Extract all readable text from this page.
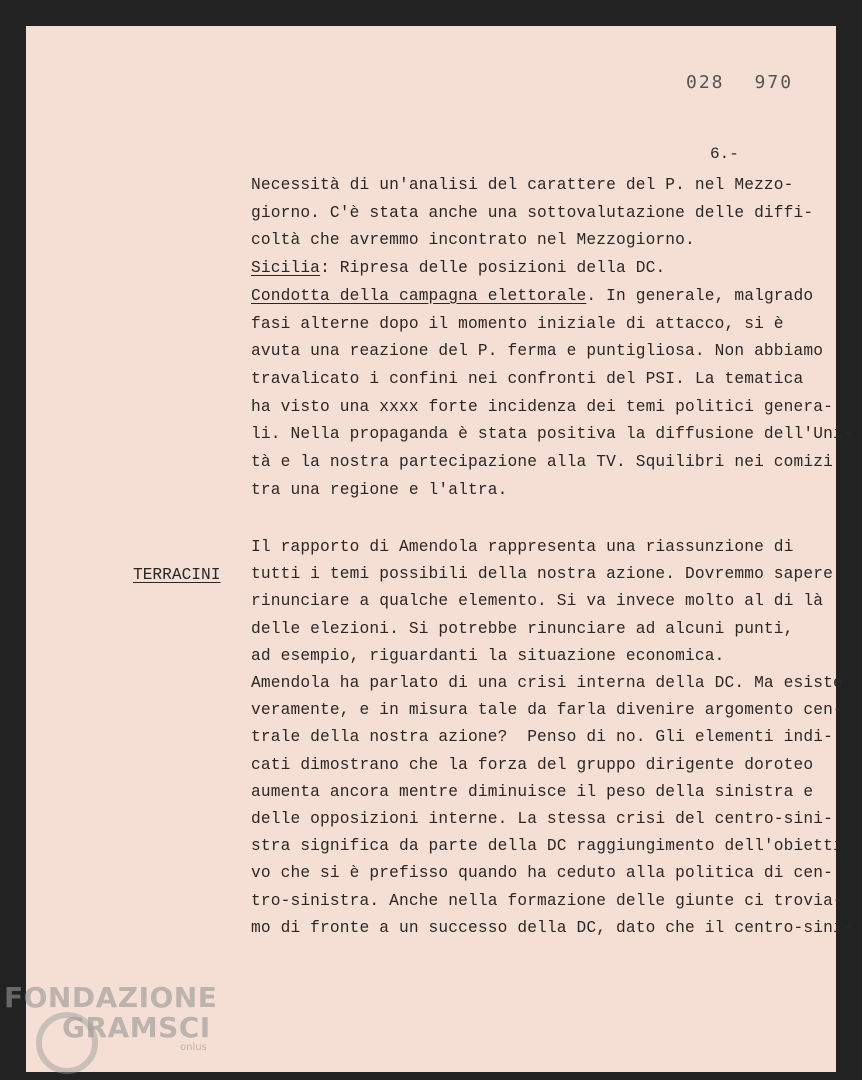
028 970
6.-
Necessità di un'analisi del carattere del P. nel Mezzo-
giorno. C'è stata anche una sottovalutazione delle diffi-
coltà che avremmo incontrato nel Mezzogiorno.
Sicilia: Ripresa delle posizioni della DC.
Condotta della campagna elettorale. In generale, malgrado
fasi alterne dopo il momento iniziale di attacco, si è
avuta una reazione del P. ferma e puntigliosa. Non abbiamo
travalicato i confini nei confronti del PSI. La tematica
ha visto una xxxx forte incidenza dei temi politici genera-
li. Nella propaganda è stata positiva la diffusione dell'Uni-
tà e la nostra partecipazione alla TV. Squilibri nei comizi
tra una regione e l'altra.
TERRACINI
Il rapporto di Amendola rappresenta una riassunzione di
tutti i temi possibili della nostra azione. Dovremmo sapere
rinunciare a qualche elemento. Si va invece molto al di là
delle elezioni. Si potrebbe rinunciare ad alcuni punti,
ad esempio, riguardanti la situazione economica.
Amendola ha parlato di una crisi interna della DC. Ma esiste
veramente, e in misura tale da farla divenire argomento cen-
trale della nostra azione?  Penso di no. Gli elementi indi-
cati dimostrano che la forza del gruppo dirigente doroteo
aumenta ancora mentre diminuisce il peso della sinistra e
delle opposizioni interne. La stessa crisi del centro-sini-
stra significa da parte della DC raggiungimento dell'obietti
vo che si è prefisso quando ha ceduto alla politica di cen-
tro-sinistra. Anche nella formazione delle giunte ci trovia-
mo di fronte a un successo della DC, dato che il centro-sini-
FONDAZIONE
GRAMSCI
onlus
